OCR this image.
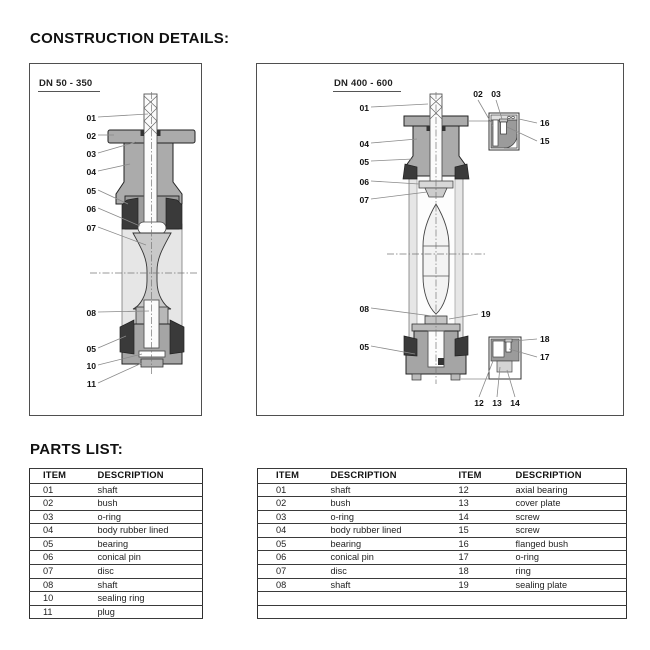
CONSTRUCTION DETAILS:
DN 50 - 350
01
02
03
04
05
06
07
08
05
10
11
DN 400 - 600
01
04
05
06
07
08
05
02 03
12 13 14
16
15
19
18
17
PARTS LIST:
ITEM	DESCRIPTION
01	shaft
02	bush
03	o-ring
04	body rubber lined
05	bearing
06	conical pin
07	disc
08	shaft
10	sealing ring
11	plug
ITEM	DESCRIPTION	ITEM	DESCRIPTION
01	shaft	12	axial bearing
02	bush	13	cover plate
03	o-ring	14	screw
04	body rubber lined	15	screw
05	bearing	16	flanged bush
06	conical pin	17	o-ring
07	disc	18	ring
08	shaft	19	sealing plate
